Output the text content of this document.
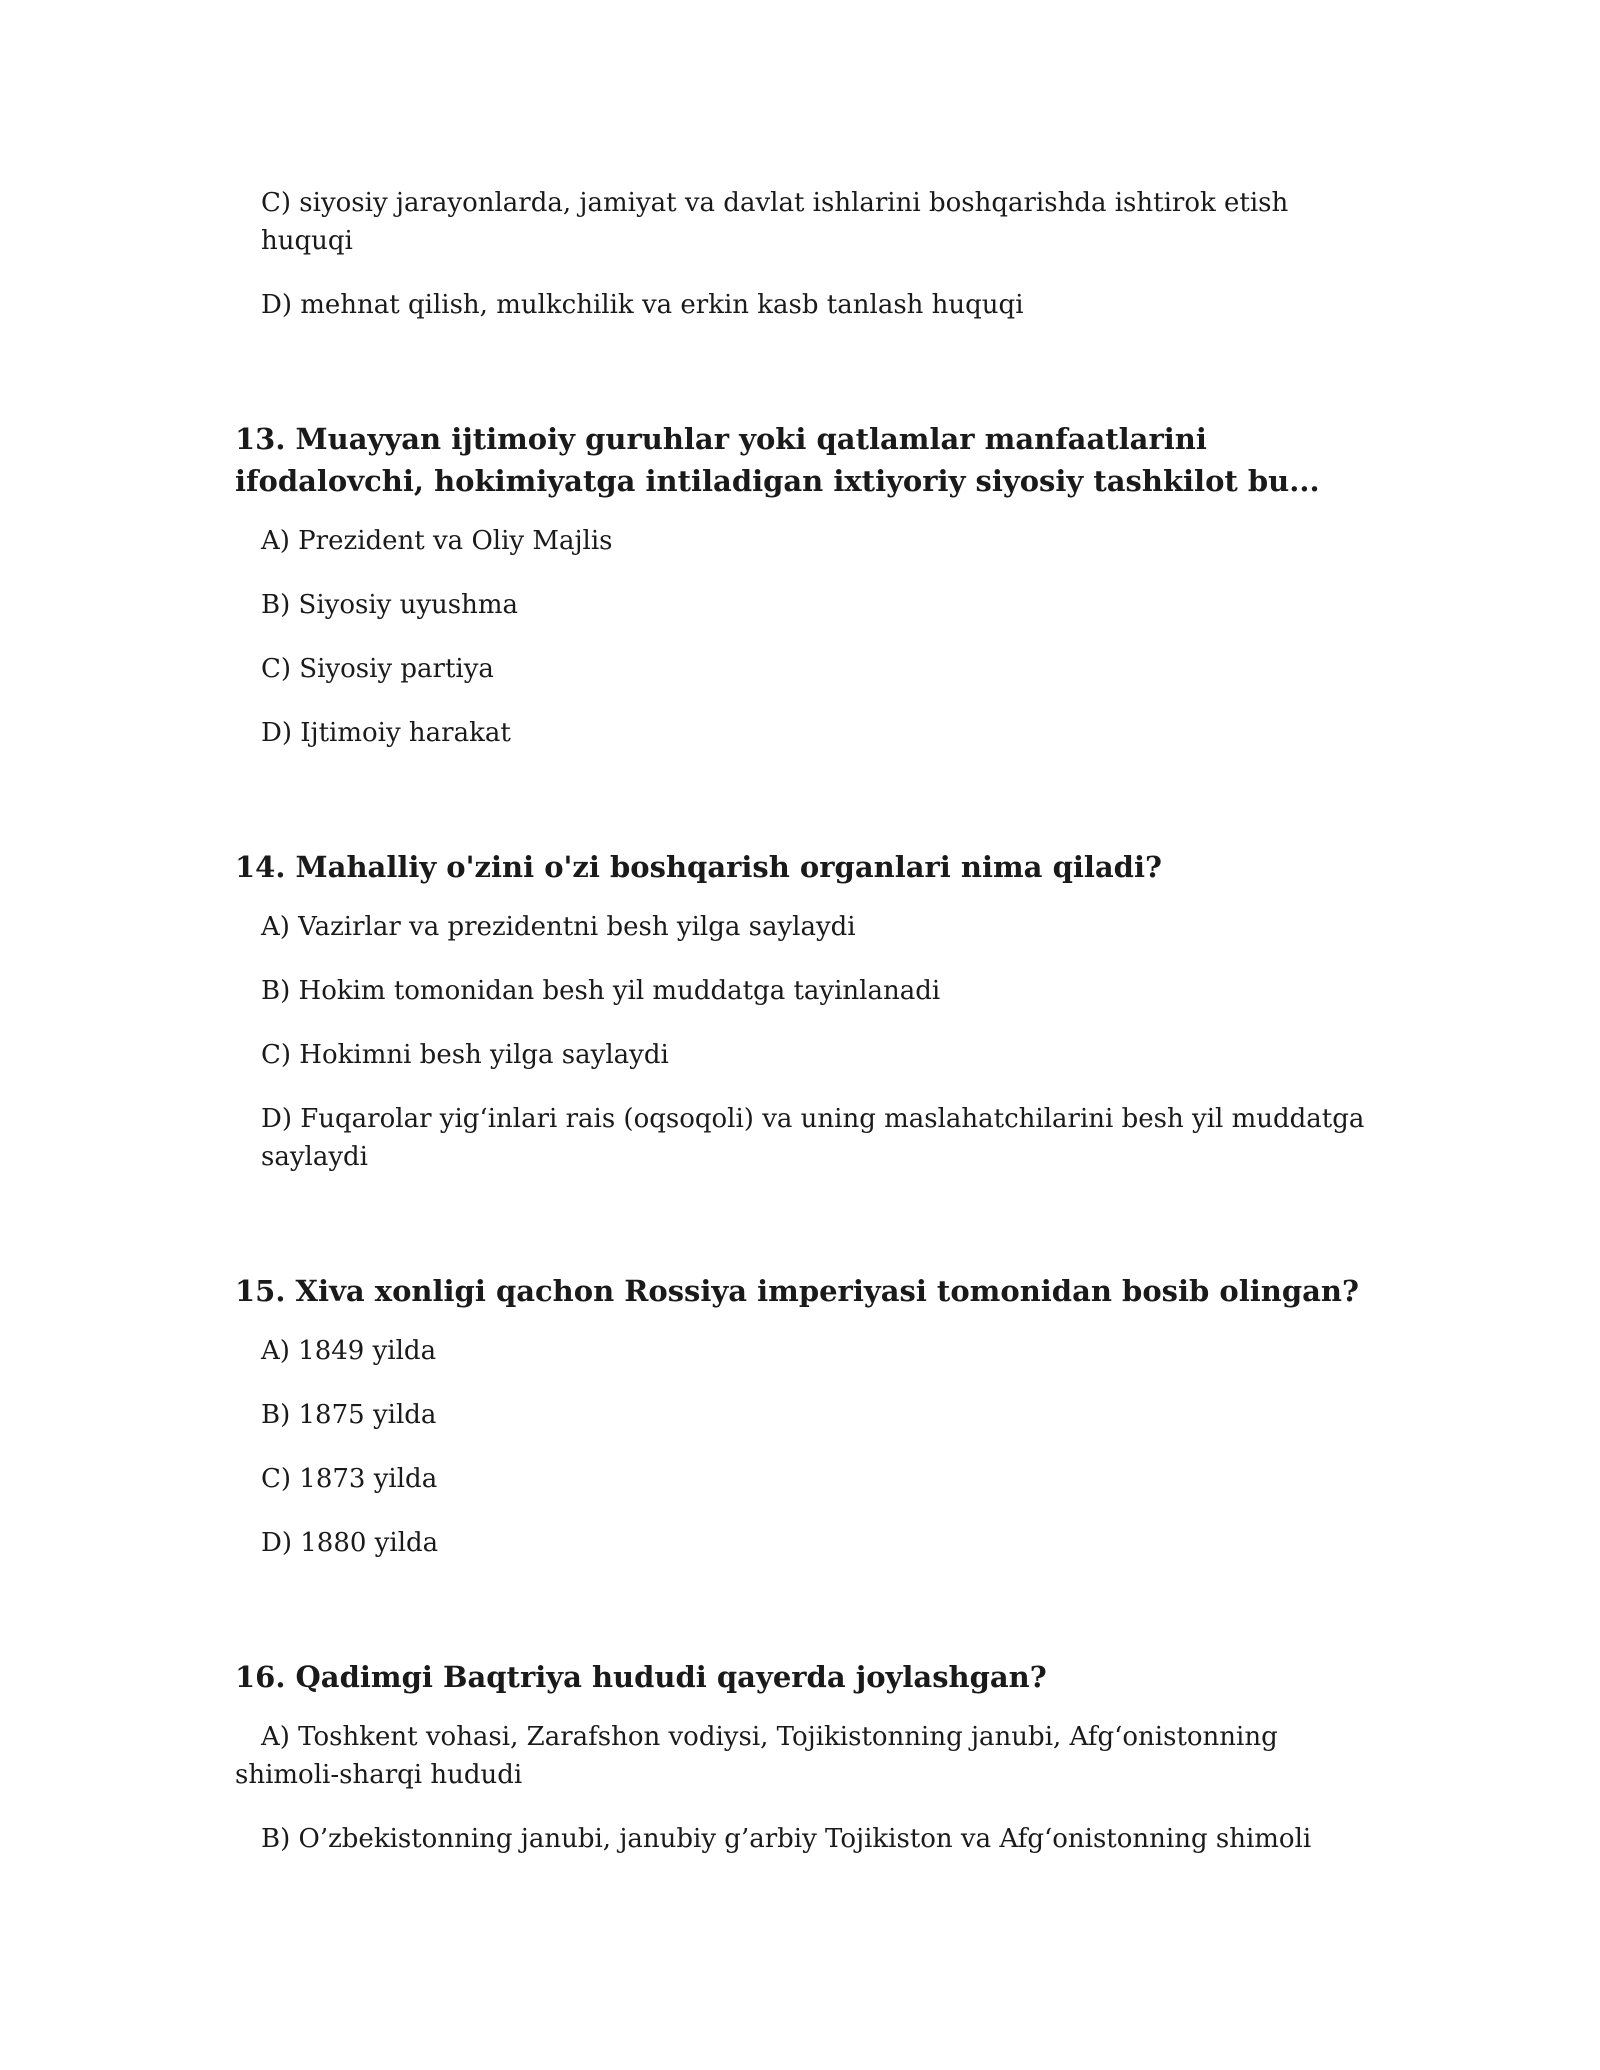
C) siyosiy jarayonlarda, jamiyat va davlat ishlarini boshqarishda ishtirok etish huquqi

D) mehnat qilish, mulkchilik va erkin kasb tanlash huquqi

13. Muayyan ijtimoiy guruhlar yoki qatlamlar manfaatlarini ifodalovchi, hokimiyatga intiladigan ixtiyoriy siyosiy tashkilot bu...

A) Prezident va Oliy Majlis

B) Siyosiy uyushma

C) Siyosiy partiya

D) Ijtimoiy harakat

14. Mahalliy o'zini o'zi boshqarish organlari nima qiladi?

A) Vazirlar va prezidentni besh yilga saylaydi

B) Hokim tomonidan besh yil muddatga tayinlanadi

C) Hokimni besh yilga saylaydi

D) Fuqarolar yig‘inlari rais (oqsoqoli) va uning maslahatchilarini besh yil muddatga saylaydi

15. Xiva xonligi qachon Rossiya imperiyasi tomonidan bosib olingan?

A) 1849 yilda

B) 1875 yilda

C) 1873 yilda

D) 1880 yilda

16. Qadimgi Baqtriya hududi qayerda joylashgan?

A) Toshkent vohasi, Zarafshon vodiysi, Tojikistonning janubi, Afg‘onistonning shimoli-sharqi hududi

B) O’zbekistonning janubi, janubiy g’arbiy Tojikiston va Afg‘onistonning shimoli
